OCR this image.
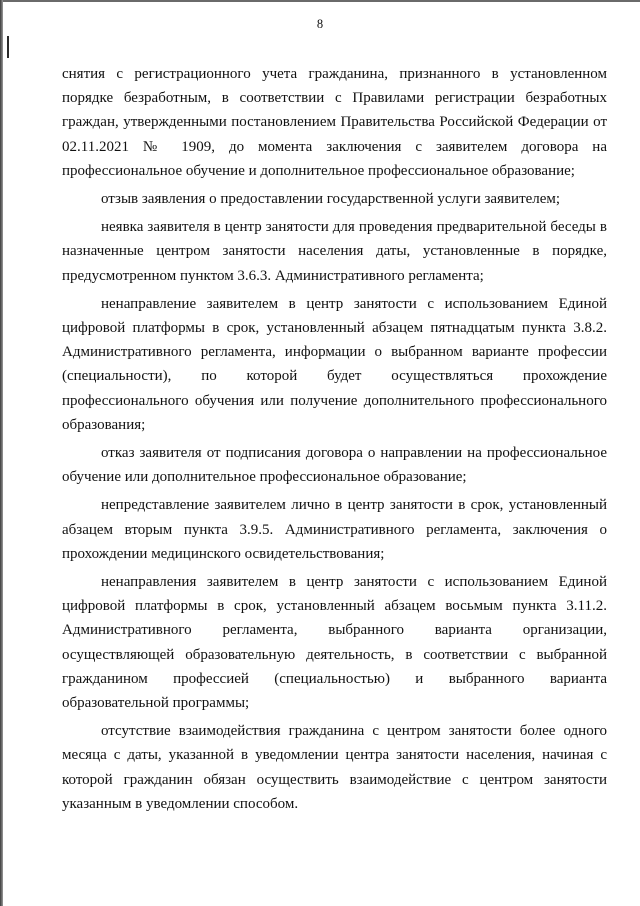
8

снятия с регистрационного учета гражданина, признанного в установленном порядке безработным, в соответствии с Правилами регистрации безработных граждан, утвержденными постановлением Правительства Российской Федерации от 02.11.2021 № 1909, до момента заключения с заявителем договора на профессиональное обучение и дополнительное профессиональное образование;

отзыв заявления о предоставлении государственной услуги заявителем;

неявка заявителя в центр занятости для проведения предварительной беседы в назначенные центром занятости населения даты, установленные в порядке, предусмотренном пунктом 3.6.3. Административного регламента;

ненаправление заявителем в центр занятости с использованием Единой цифровой платформы в срок, установленный абзацем пятнадцатым пункта 3.8.2. Административного регламента, информации о выбранном варианте профессии (специальности), по которой будет осуществляться прохождение профессионального обучения или получение дополнительного профессионального образования;

отказ заявителя от подписания договора о направлении на профессиональное обучение или дополнительное профессиональное образование;

непредставление заявителем лично в центр занятости в срок, установленный абзацем вторым пункта 3.9.5. Административного регламента, заключения о прохождении медицинского освидетельствования;

ненаправления заявителем в центр занятости с использованием Единой цифровой платформы в срок, установленный абзацем восьмым пункта 3.11.2. Административного регламента, выбранного варианта организации, осуществляющей образовательную деятельность, в соответствии с выбранной гражданином профессией (специальностью) и выбранного варианта образовательной программы;

отсутствие взаимодействия гражданина с центром занятости более одного месяца с даты, указанной в уведомлении центра занятости населения, начиная с которой гражданин обязан осуществить взаимодействие с центром занятости указанным в уведомлении способом.
